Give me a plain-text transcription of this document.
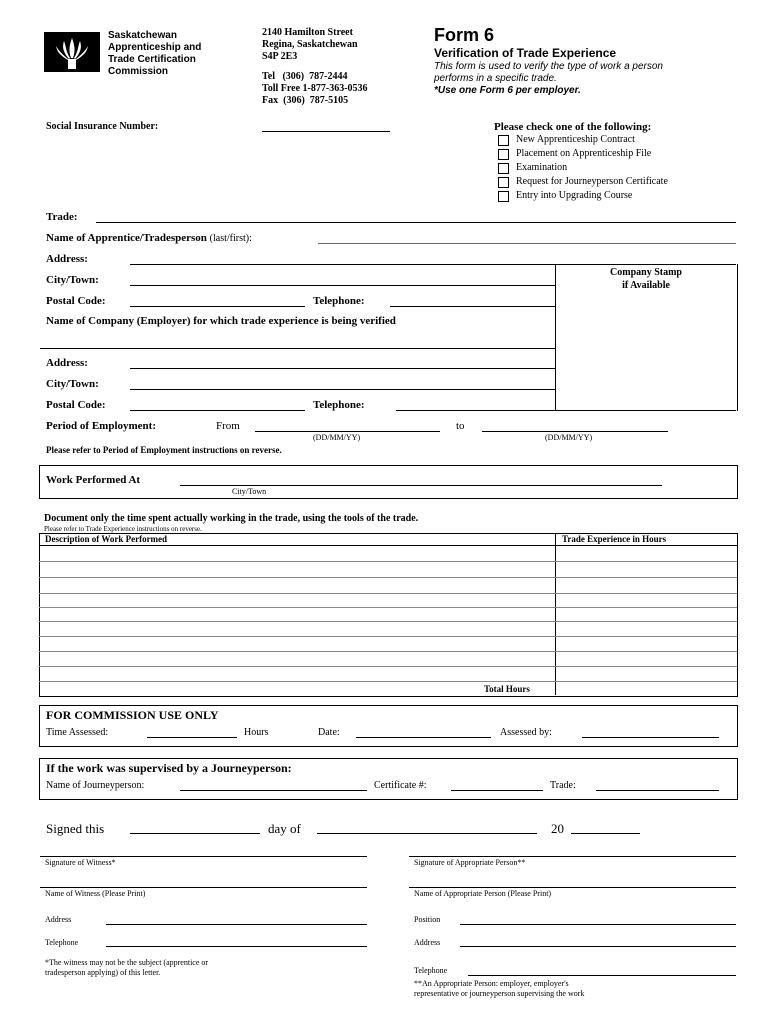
Saskatchewan
Apprenticeship and
Trade Certification
Commission
2140 Hamilton Street
Regina, Saskatchewan
S4P 2E3
Tel   (306)  787-2444
Toll Free 1-877-363-0536
Fax  (306)  787-5105
Form 6
Verification of Trade Experience
This form is used to verify the type of work a person
performs in a specific trade.
*Use one Form 6 per employer.
Social Insurance Number:	Please check one of the following:
New Apprenticeship Contract
Placement on Apprenticeship File
Examination
Request for Journeyperson Certificate
Entry into Upgrading Course
Trade:
Name of Apprentice/Tradesperson (last/first):
Address:
Company Stamp
if Available
City/Town:
Postal Code:	Telephone:
Name of Company (Employer) for which trade experience is being verified
Address:
City/Town:
Postal Code:	Telephone:
Period of Employment:	From	to
(DD/MM/YY)	(DD/MM/YY)
Please refer to Period of Employment instructions on reverse.
Work Performed At
City/Town
Document only the time spent actually working in the trade, using the tools of the trade.
Please refer to Trade Experience instructions on reverse.
Description of Work Performed	Trade Experience in Hours
Total Hours
FOR COMMISSION USE ONLY
Time Assessed:	Hours	Date:	Assessed by:
If the work was supervised by a Journeyperson:
Name of Journeyperson:	Certificate #:	Trade:
Signed this	day of	20
Signature of Witness*	Signature of Appropriate Person**
Name of Witness (Please Print)	Name of Appropriate Person (Please Print)
Address	Position
Telephone	Address
*The witness may not be the subject (apprentice or
tradesperson applying) of this letter.	Telephone
**An Appropriate Person: employer, employer's
representative or journeyperson supervising the work
